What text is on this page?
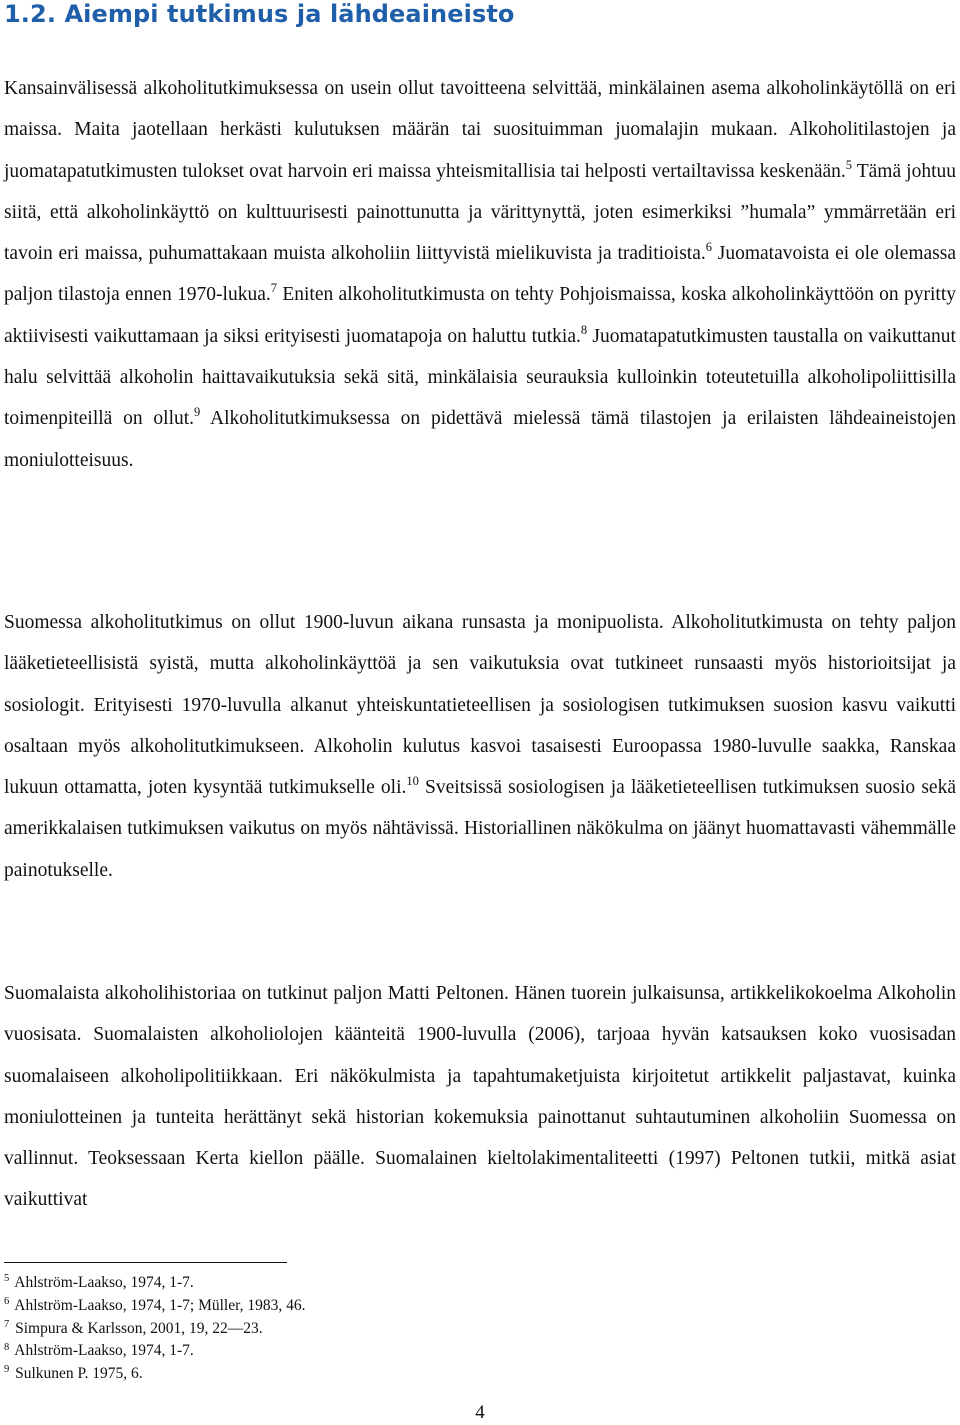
1.2. Aiempi tutkimus ja lähdeaineisto

Kansainvälisessä alkoholitutkimuksessa on usein ollut tavoitteena selvittää, minkälainen asema alkoholinkäytöllä on eri maissa. Maita jaotellaan herkästi kulutuksen määrän tai suosituimman juomalajin mukaan. Alkoholitilastojen ja juomatapatutkimusten tulokset ovat harvoin eri maissa yhteismitallisia tai helposti vertailtavissa keskenään.$^5$ Tämä johtuu siitä, että alkoholinkäyttö on kulttuurisesti painottunutta ja värittynyttä, joten esimerkiksi ”humala” ymmärretään eri tavoin eri maissa, puhumattakaan muista alkoholiin liittyvistä mielikuvista ja traditioista.$^6$ Juomatavoista ei ole olemassa paljon tilastoja ennen 1970-lukua.$^7$ Eniten alkoholitutkimusta on tehty Pohjoismaissa, koska alkoholinkäyttöön on pyritty aktiivisesti vaikuttamaan ja siksi erityisesti juomatapoja on haluttu tutkia.$^8$ Juomatapatutkimusten taustalla on vaikuttanut halu selvittää alkoholin haittavaikutuksia sekä sitä, minkälaisia seurauksia kulloinkin toteutetuilla alkoholipoliittisilla toimenpiteillä on ollut.$^9$ Alkoholitutkimuksessa on pidettävä mielessä tämä tilastojen ja erilaisten lähdeaineistojen moniulotteisuus.

Suomessa alkoholitutkimus on ollut 1900-luvun aikana runsasta ja monipuolista. Alkoholitutkimusta on tehty paljon lääketieteellisistä syistä, mutta alkoholinkäyttöä ja sen vaikutuksia ovat tutkineet runsaasti myös historioitsijat ja sosiologit. Erityisesti 1970-luvulla alkanut yhteiskuntatieteellisen ja sosiologisen tutkimuksen suosion kasvu vaikutti osaltaan myös alkoholitutkimukseen. Alkoholin kulutus kasvoi tasaisesti Euroopassa 1980-luvulle saakka, Ranskaa lukuun ottamatta, joten kysyntää tutkimukselle oli.$^{10}$ Sveitsissä sosiologisen ja lääketieteellisen tutkimuksen suosio sekä amerikkalaisen tutkimuksen vaikutus on myös nähtävissä. Historiallinen näkökulma on jäänyt huomattavasti vähemmälle painotukselle.

Suomalaista alkoholihistoriaa on tutkinut paljon Matti Peltonen. Hänen tuorein julkaisunsa, artikkelikokoelma Alkoholin vuosisata. Suomalaisten alkoholiolojen käänteitä 1900-luvulla (2006), tarjoaa hyvän katsauksen koko vuosisadan suomalaiseen alkoholipolitiikkaan. Eri näkökulmista ja tapahtumaketjuista kirjoitetut artikkelit paljastavat, kuinka moniulotteinen ja tunteita herättänyt sekä historian kokemuksia painottanut suhtautuminen alkoholiin Suomessa on vallinnut. Teoksessaan Kerta kiellon päälle. Suomalainen kieltolakimentaliteetti (1997) Peltonen tutkii, mitkä asiat vaikuttivat

$^5$ Ahlström-Laakso, 1974, 1-7.
$^6$ Ahlström-Laakso, 1974, 1-7; Müller, 1983, 46.
$^7$ Simpura & Karlsson, 2001, 19, 22—23.
$^8$ Ahlström-Laakso, 1974, 1-7.
$^9$ Sulkunen P. 1975, 6.
4
